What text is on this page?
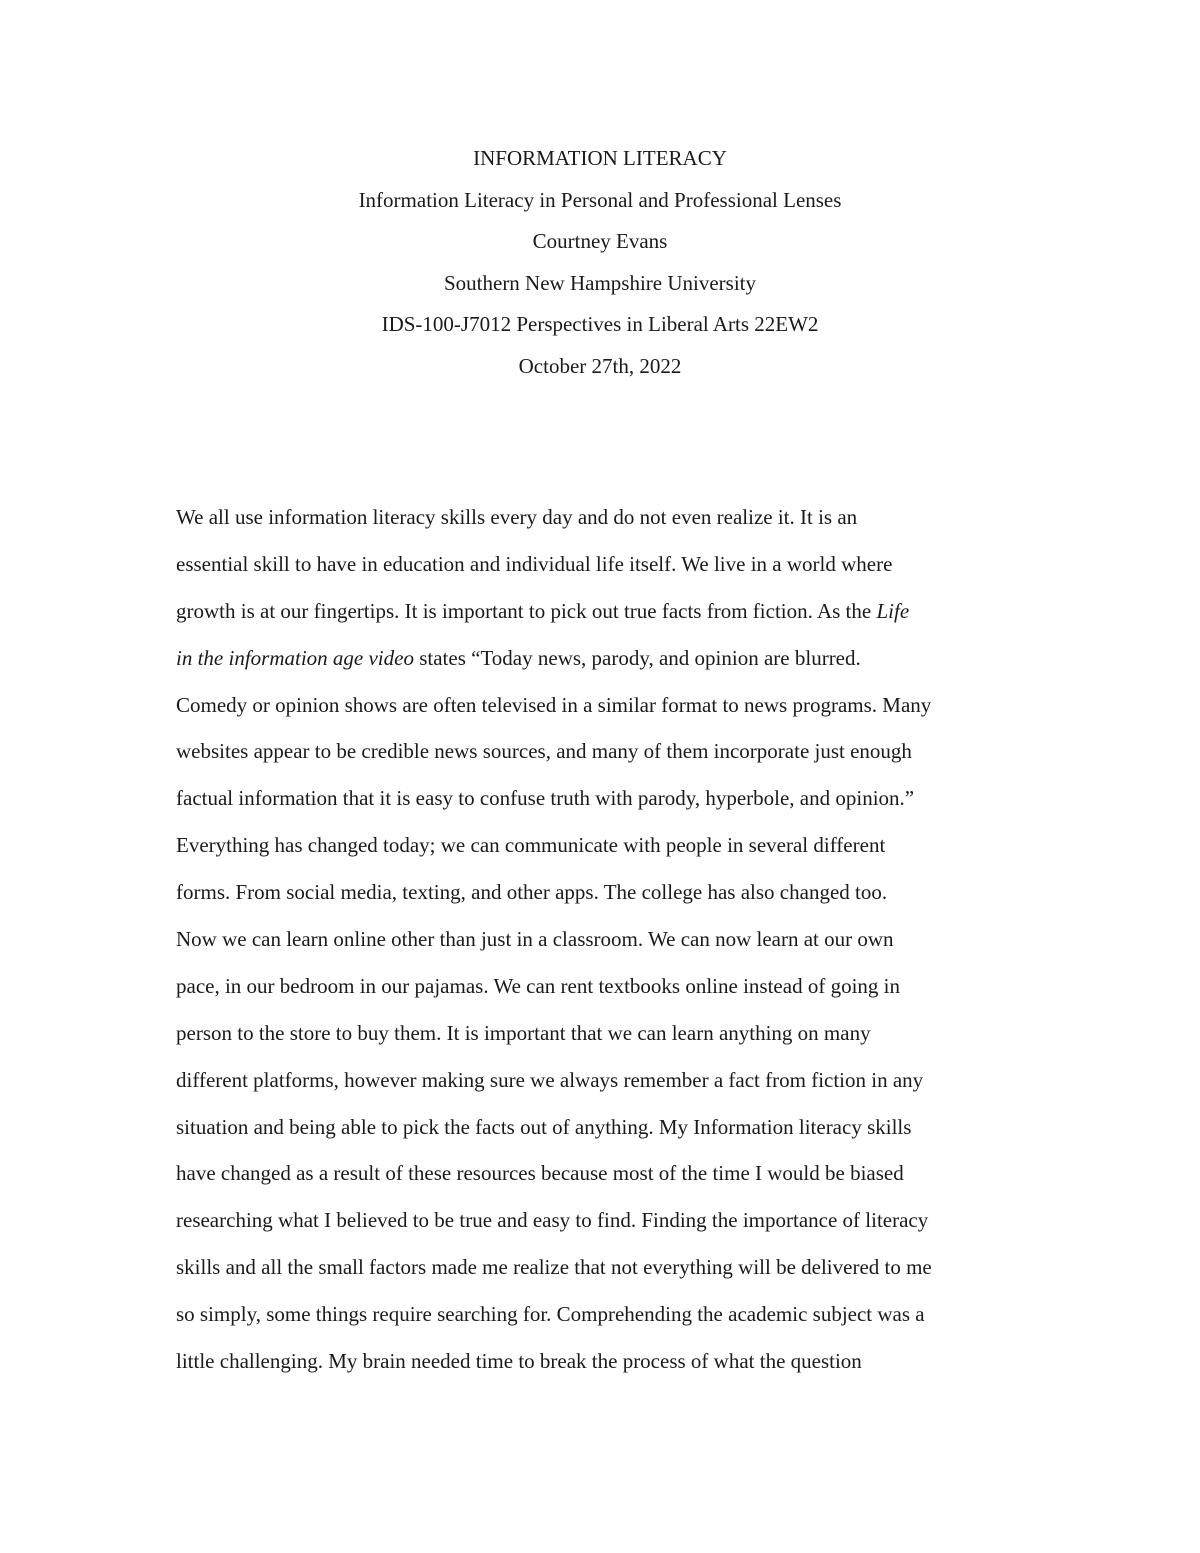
INFORMATION LITERACY
Information Literacy in Personal and Professional Lenses
Courtney Evans
Southern New Hampshire University
IDS-100-J7012 Perspectives in Liberal Arts 22EW2
October 27th, 2022
We all use information literacy skills every day and do not even realize it. It is an
essential skill to have in education and individual life itself. We live in a world where
growth is at our fingertips. It is important to pick out true facts from fiction. As the Life
in the information age video states “Today news, parody, and opinion are blurred.
Comedy or opinion shows are often televised in a similar format to news programs. Many
websites appear to be credible news sources, and many of them incorporate just enough
factual information that it is easy to confuse truth with parody, hyperbole, and opinion.”
Everything has changed today; we can communicate with people in several different
forms. From social media, texting, and other apps. The college has also changed too.
Now we can learn online other than just in a classroom. We can now learn at our own
pace, in our bedroom in our pajamas. We can rent textbooks online instead of going in
person to the store to buy them. It is important that we can learn anything on many
different platforms, however making sure we always remember a fact from fiction in any
situation and being able to pick the facts out of anything. My Information literacy skills
have changed as a result of these resources because most of the time I would be biased
researching what I believed to be true and easy to find. Finding the importance of literacy
skills and all the small factors made me realize that not everything will be delivered to me
so simply, some things require searching for. Comprehending the academic subject was a
little challenging. My brain needed time to break the process of what the question
